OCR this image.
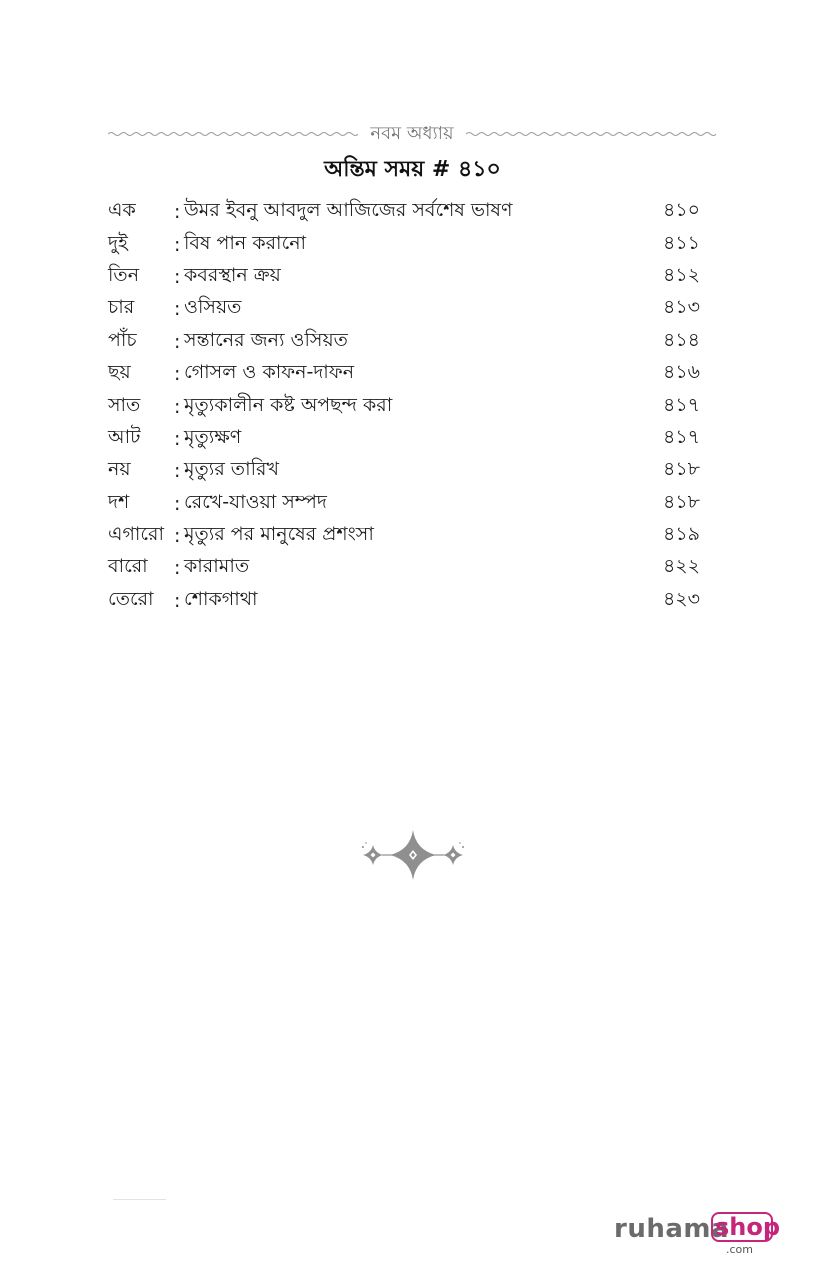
নবম অধ্যায়
অন্তিম সময় # ৪১০
এক	: উমর ইবনু আবদুল আজিজের সর্বশেষ ভাষণ	৪১০
দুই	: বিষ পান করানো	৪১১
তিন	: কবরস্থান ক্রয়	৪১২
চার	: ওসিয়ত	৪১৩
পাঁচ	: সন্তানের জন্য ওসিয়ত	৪১৪
ছয়	: গোসল ও কাফন-দাফন	৪১৬
সাত	: মৃত্যুকালীন কষ্ট অপছন্দ করা	৪১৭
আট	: মৃত্যুক্ষণ	৪১৭
নয়	: মৃত্যুর তারিখ	৪১৮
দশ	: রেখে-যাওয়া সম্পদ	৪১৮
এগারো : মৃত্যুর পর মানুষের প্রশংসা	৪১৯
বারো	: কারামাত	৪২২
তেরো	: শোকগাথা	৪২৩
ruhama
shop
.com
